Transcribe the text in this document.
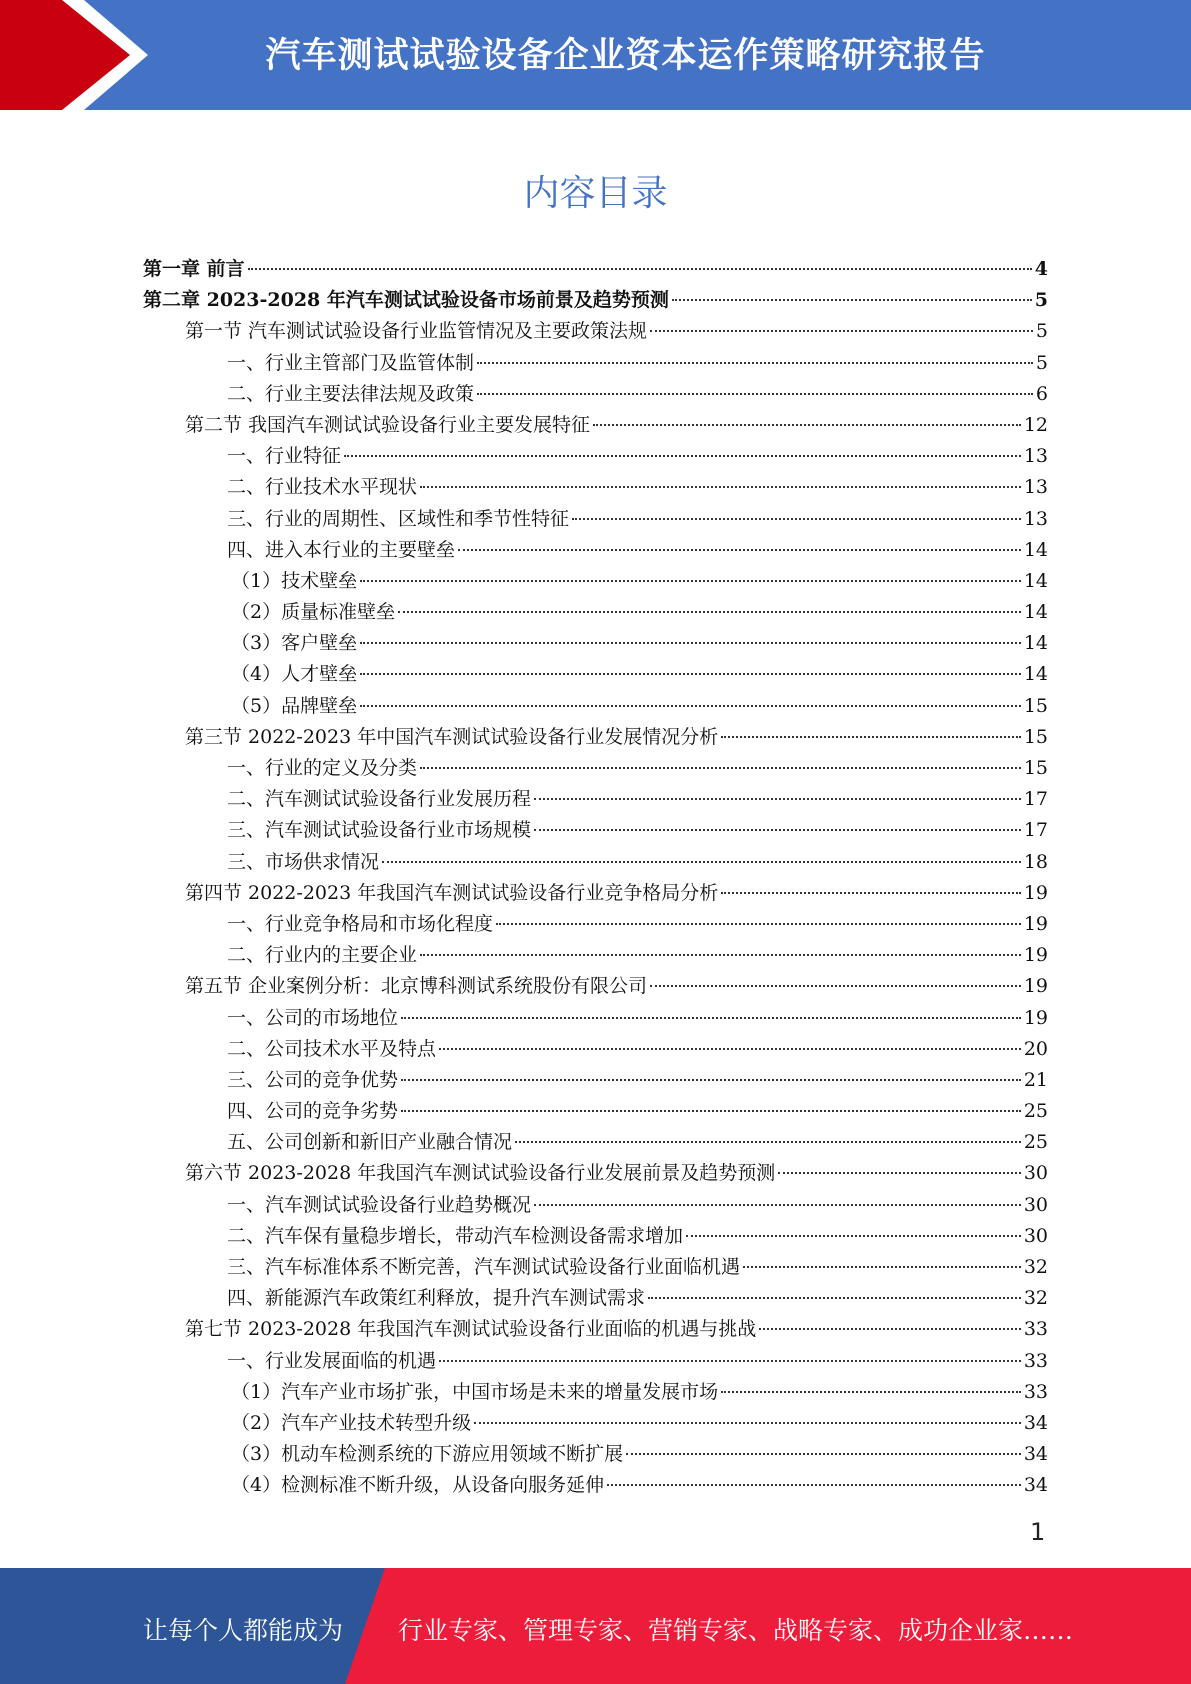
汽车测试试验设备企业资本运作策略研究报告
内容目录
第一章 前言	4
第二章 2023-2028 年汽车测试试验设备市场前景及趋势预测	5
第一节 汽车测试试验设备行业监管情况及主要政策法规	5
一、行业主管部门及监管体制	5
二、行业主要法律法规及政策	6
第二节 我国汽车测试试验设备行业主要发展特征	12
一、行业特征	13
二、行业技术水平现状	13
三、行业的周期性、区域性和季节性特征	13
四、进入本行业的主要壁垒	14
（1）技术壁垒	14
（2）质量标准壁垒	14
（3）客户壁垒	14
（4）人才壁垒	14
（5）品牌壁垒	15
第三节 2022-2023 年中国汽车测试试验设备行业发展情况分析	15
一、行业的定义及分类	15
二、汽车测试试验设备行业发展历程	17
三、汽车测试试验设备行业市场规模	17
三、市场供求情况	18
第四节 2022-2023 年我国汽车测试试验设备行业竞争格局分析	19
一、行业竞争格局和市场化程度	19
二、行业内的主要企业	19
第五节 企业案例分析：北京博科测试系统股份有限公司	19
一、公司的市场地位	19
二、公司技术水平及特点	20
三、公司的竞争优势	21
四、公司的竞争劣势	25
五、公司创新和新旧产业融合情况	25
第六节 2023-2028 年我国汽车测试试验设备行业发展前景及趋势预测	30
一、汽车测试试验设备行业趋势概况	30
二、汽车保有量稳步增长，带动汽车检测设备需求增加	30
三、汽车标准体系不断完善，汽车测试试验设备行业面临机遇	32
四、新能源汽车政策红利释放，提升汽车测试需求	32
第七节 2023-2028 年我国汽车测试试验设备行业面临的机遇与挑战	33
一、行业发展面临的机遇	33
（1）汽车产业市场扩张，中国市场是未来的增量发展市场	33
（2）汽车产业技术转型升级	34
（3）机动车检测系统的下游应用领域不断扩展	34
（4）检测标准不断升级，从设备向服务延伸	34
1
让每个人都能成为 行业专家、管理专家、营销专家、战略专家、成功企业家……
